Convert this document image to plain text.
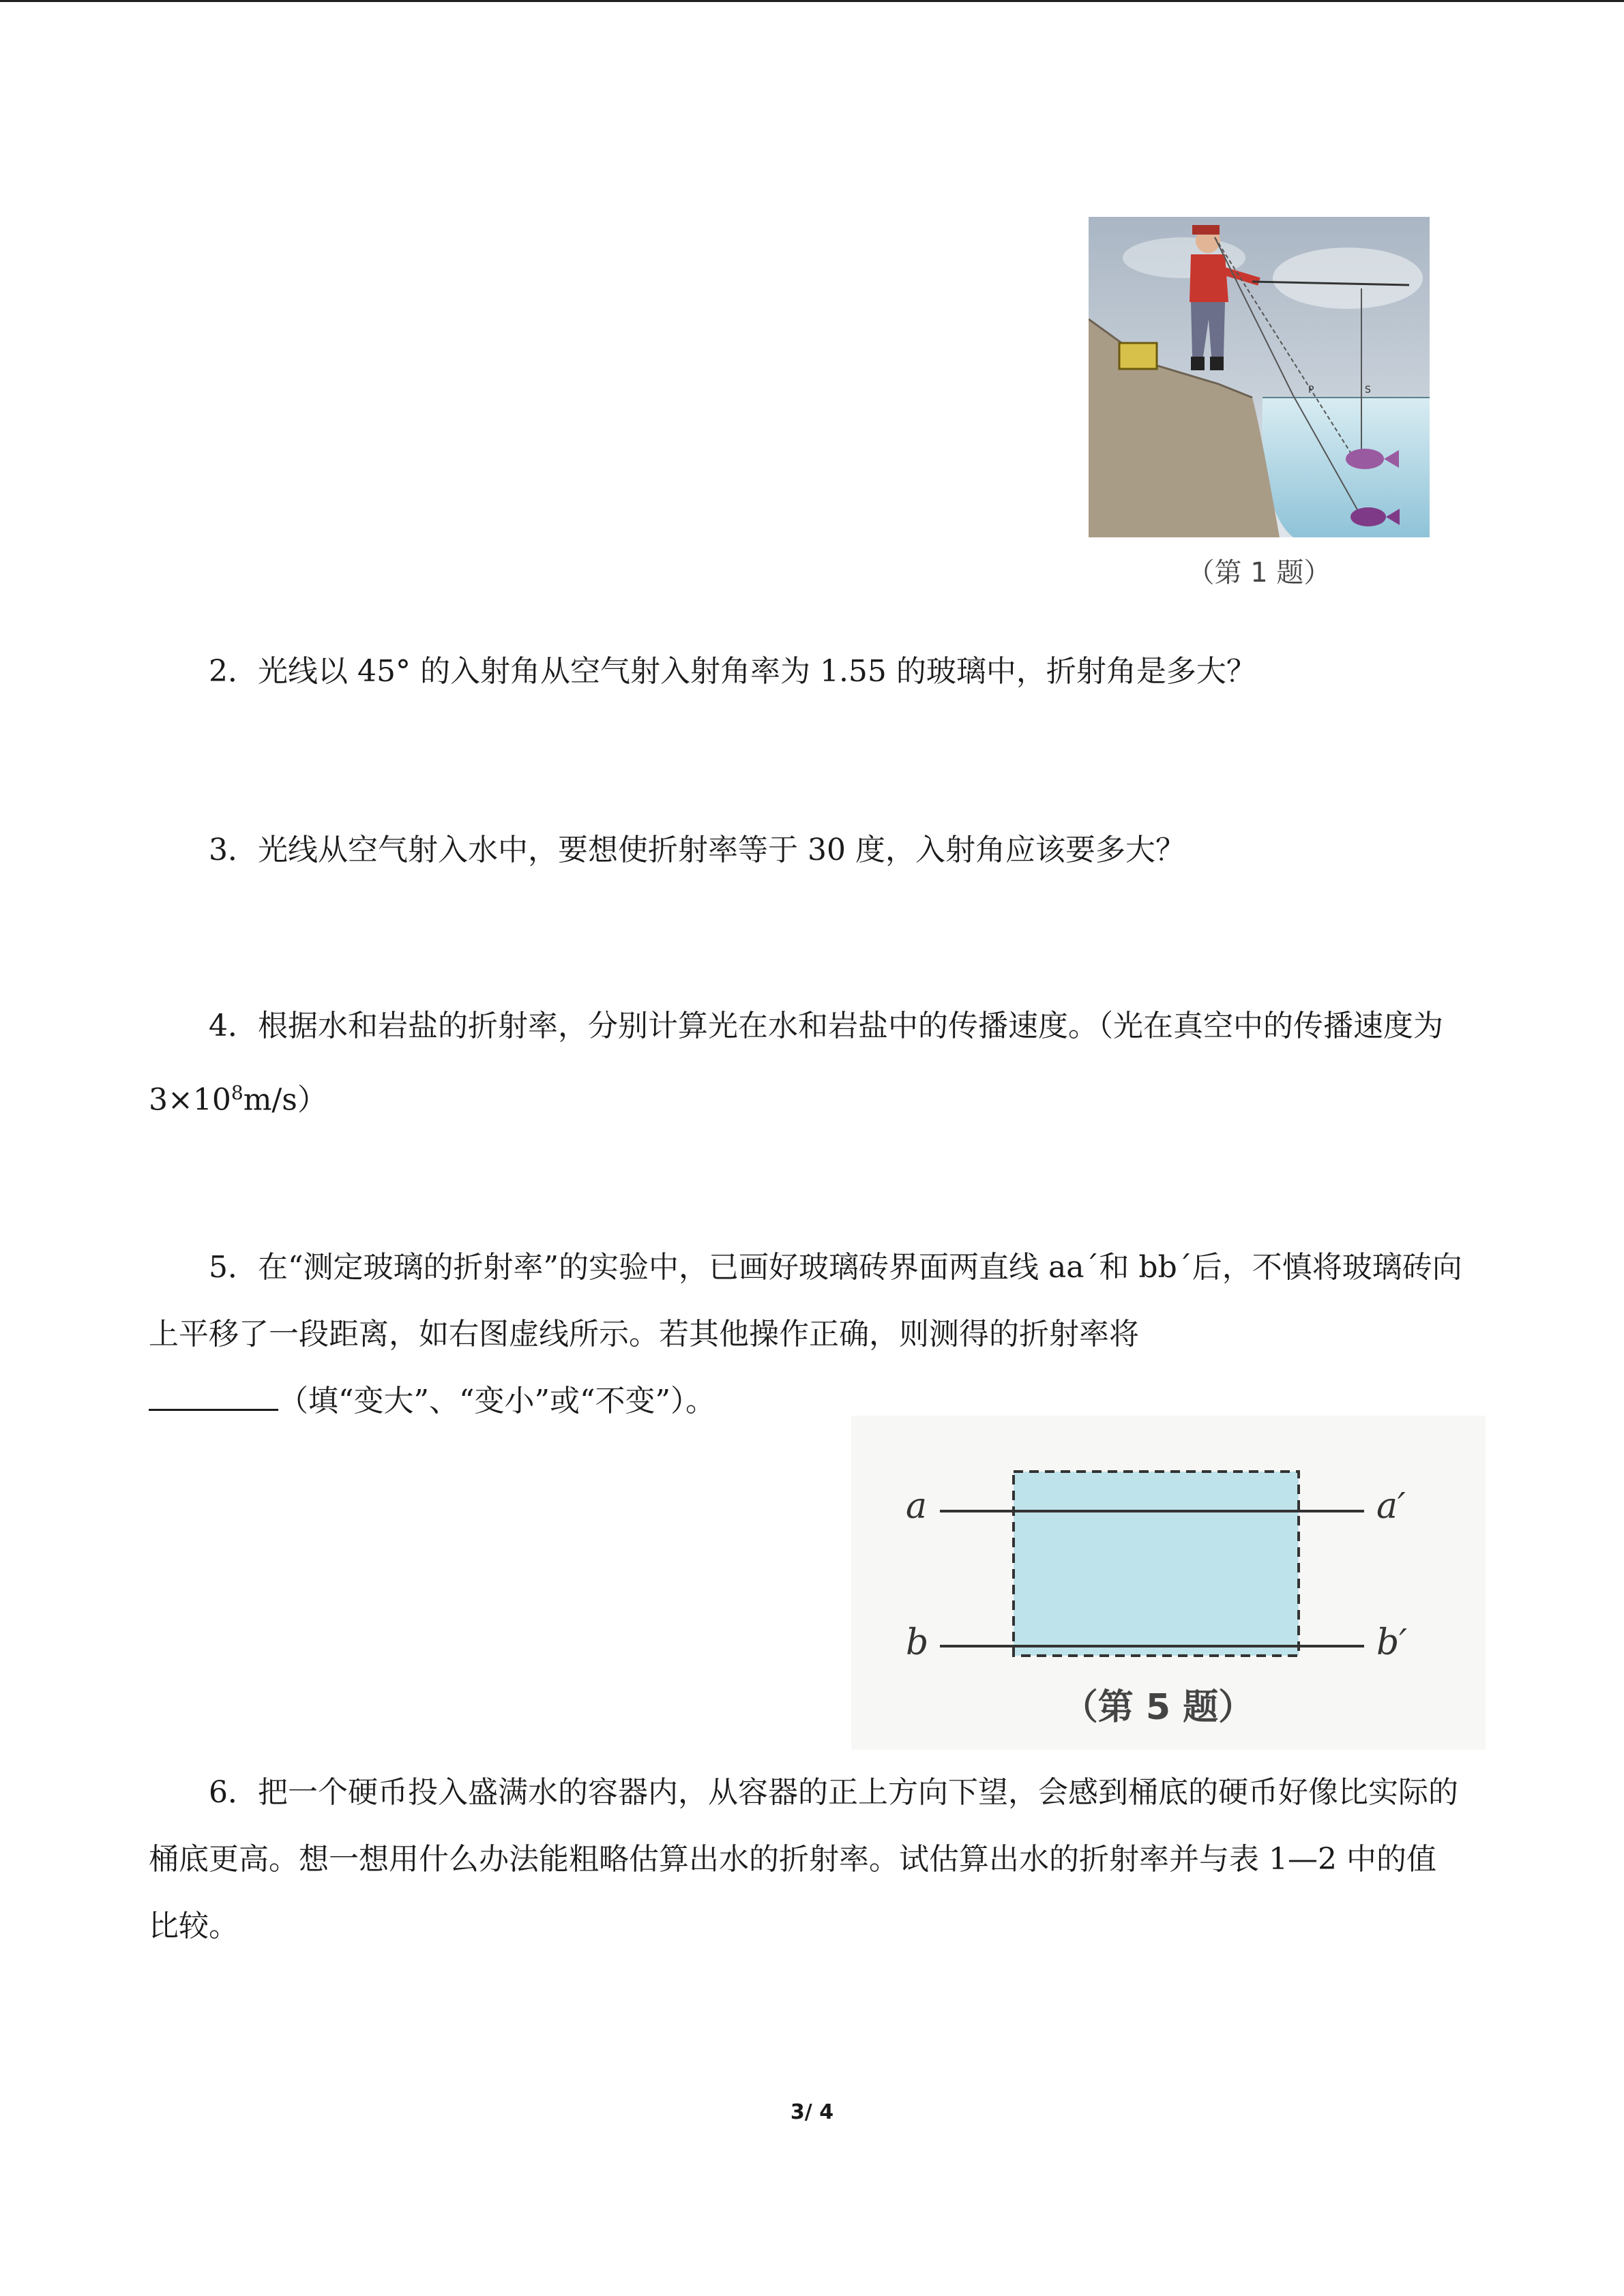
P	S
（第 1 题）

2．光线以 45° 的入射角从空气射入射角率为 1.55 的玻璃中，折射角是多大？

3．光线从空气射入水中，要想使折射率等于 30 度，入射角应该要多大？

4．根据水和岩盐的折射率，分别计算光在水和岩盐中的传播速度。（光在真空中的传播速度为 $3\times 10^8m/s$）

5．在“测定玻璃的折射率”的实验中，已画好玻璃砖界面两直线 aa´和 bb´后，不慎将玻璃砖向上平移了一段距离，如右图虚线所示。若其他操作正确，则测得的折射率将
（填“变大”、“变小”或“不变”）。

a	a′
b	b′
（第 5 题）

6．把一个硬币投入盛满水的容器内，从容器的正上方向下望，会感到桶底的硬币好像比实际的桶底更高。想一想用什么办法能粗略估算出水的折射率。试估算出水的折射率并与表 1—2 中的值比较。

3/ 4
